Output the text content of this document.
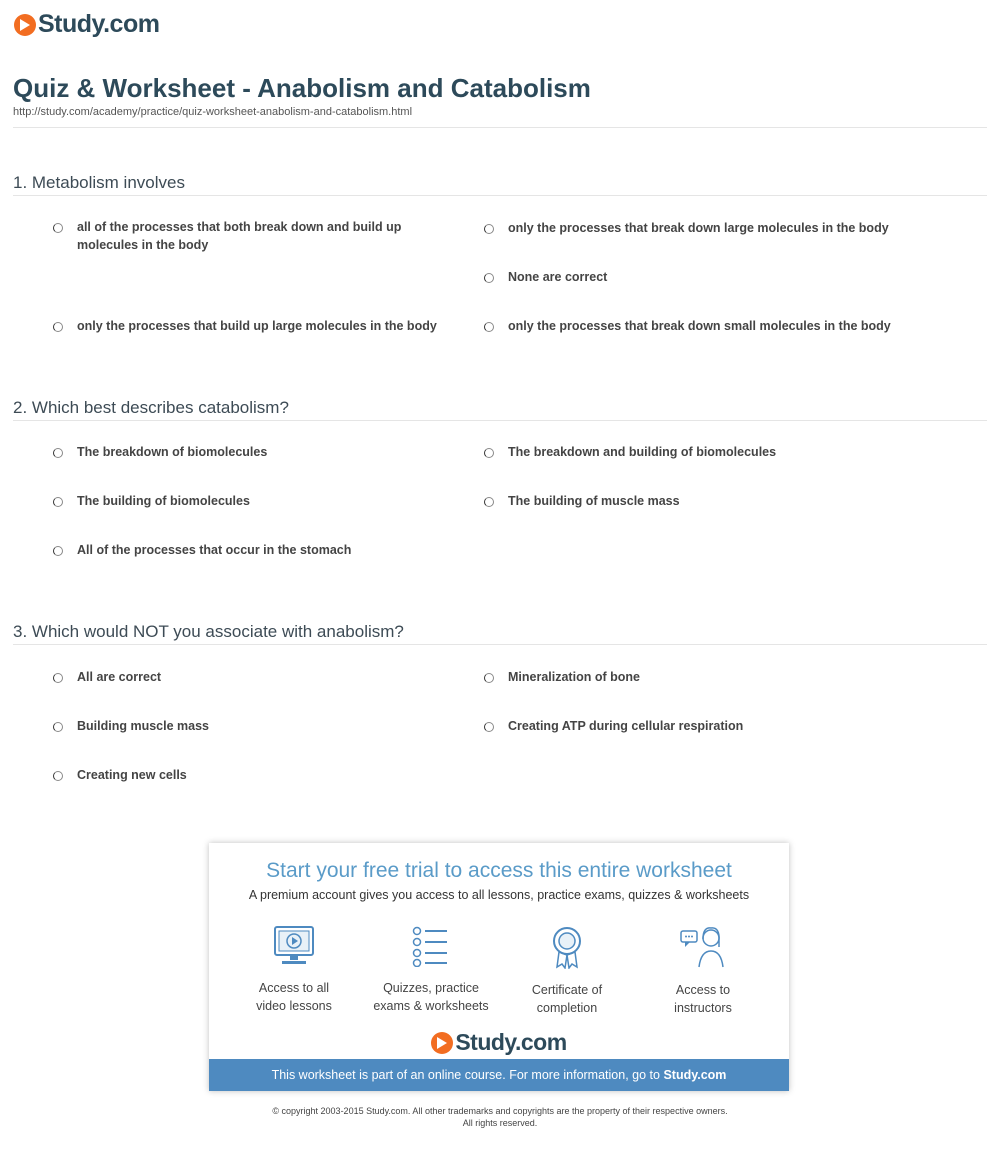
Study.com
Quiz & Worksheet - Anabolism and Catabolism
http://study.com/academy/practice/quiz-worksheet-anabolism-and-catabolism.html
1. Metabolism involves
all of the processes that both break down and build up molecules in the body
only the processes that break down large molecules in the body
None are correct
only the processes that build up large molecules in the body	only the processes that break down small molecules in the body
2. Which best describes catabolism?
The breakdown of biomolecules	The breakdown and building of biomolecules
The building of biomolecules	The building of muscle mass
All of the processes that occur in the stomach
3. Which would NOT you associate with anabolism?
All are correct	Mineralization of bone
Building muscle mass	Creating ATP during cellular respiration
Creating new cells
Start your free trial to access this entire worksheet
A premium account gives you access to all lessons, practice exams, quizzes & worksheets
Access to all
video lessons
Quizzes, practice
exams & worksheets
Certificate of
completion
Access to
instructors
Study.com
This worksheet is part of an online course. For more information, go to Study.com
© copyright 2003-2015 Study.com. All other trademarks and copyrights are the property of their respective owners.
All rights reserved.
